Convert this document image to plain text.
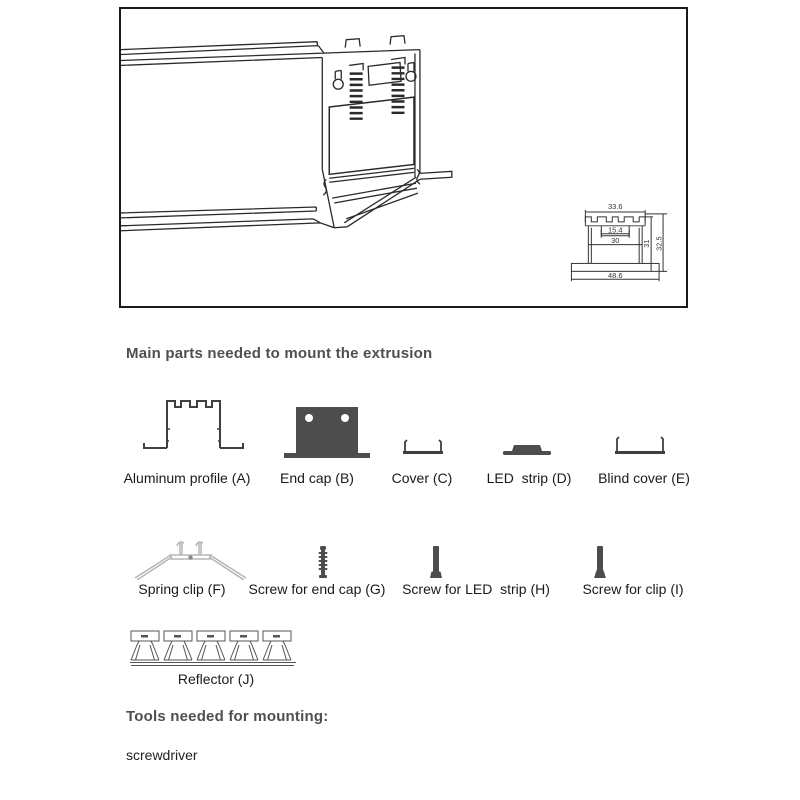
33.6
15.4
30	31 32.5
48.6
Main parts needed to mount the extrusion
Aluminum profile (A)	End cap (B)	Cover (C)	LED  strip (D)	Blind cover (E)
Spring clip (F)	Screw for end cap (G)	Screw for LED  strip (H)	Screw for clip (I)
Reflector (J)
Tools needed for mounting:
screwdriver
